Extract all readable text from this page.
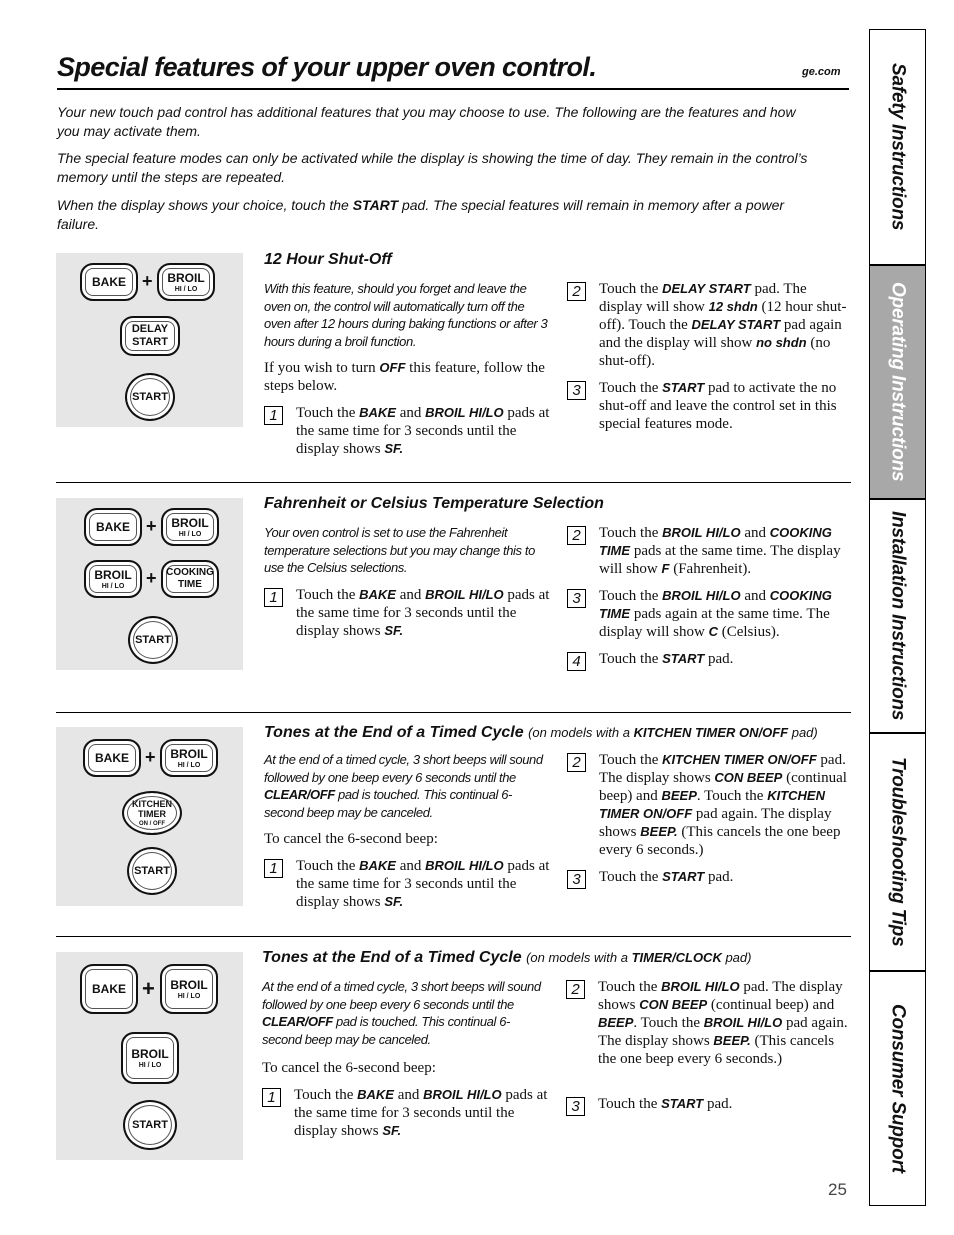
Special features of your upper oven control.	ge.com
Your new touch pad control has additional features that you may choose to use. The following are the features and how you may activate them.
The special feature modes can only be activated while the display is showing the time of day. They remain in the control’s memory until the steps are repeated.
When the display shows your choice, touch the START pad. The special features will remain in memory after a power failure.
BAKE + BROIL
HI / LO
DELAY
START
START
12 Hour Shut-Off
With this feature, should you forget and leave the oven on, the control will automatically turn off the oven after 12 hours during baking functions or after 3 hours during a broil function.
If you wish to turn OFF this feature, follow the steps below.
1	Touch the BAKE and BROIL HI/LO pads at the same time for 3 seconds until the display shows SF.
2	Touch the DELAY START pad. The display will show 12 shdn (12 hour shut-off). Touch the DELAY START pad again and the display will show no shdn (no shut-off).
3	Touch the START pad to activate the no shut-off and leave the control set in this special features mode.
BAKE + BROIL
HI / LO
BROIL
HI / LO + COOKING
TIME
START
Fahrenheit or Celsius Temperature Selection
Your oven control is set to use the Fahrenheit temperature selections but you may change this to use the Celsius selections.
1	Touch the BAKE and BROIL HI/LO pads at the same time for 3 seconds until the display shows SF.
2	Touch the BROIL HI/LO and COOKING TIME pads at the same time. The display will show F (Fahrenheit).
3	Touch the BROIL HI/LO and COOKING TIME pads again at the same time. The display will show C (Celsius).
4	Touch the START pad.
BAKE + BROIL
HI / LO
KITCHEN
TIMER
ON / OFF
START
Tones at the End of a Timed Cycle (on models with a KITCHEN TIMER ON/OFF pad)
At the end of a timed cycle, 3 short beeps will sound followed by one beep every 6 seconds until the CLEAR/OFF pad is touched. This continual 6-second beep may be canceled.
To cancel the 6-second beep:
1	Touch the BAKE and BROIL HI/LO pads at the same time for 3 seconds until the display shows SF.
2	Touch the KITCHEN TIMER ON/OFF pad. The display shows CON BEEP (continual beep) and BEEP. Touch the KITCHEN TIMER ON/OFF pad again. The display shows BEEP. (This cancels the one beep every 6 seconds.)
3	Touch the START pad.
BAKE + BROIL
HI / LO
BROIL
HI / LO
START
Tones at the End of a Timed Cycle (on models with a TIMER/CLOCK pad)
At the end of a timed cycle, 3 short beeps will sound followed by one beep every 6 seconds until the CLEAR/OFF pad is touched. This continual 6-second beep may be canceled.
To cancel the 6-second beep:
1	Touch the BAKE and BROIL HI/LO pads at the same time for 3 seconds until the display shows SF.
2	Touch the BROIL HI/LO pad. The display shows CON BEEP (continual beep) and BEEP. Touch the BROIL HI/LO pad again. The display shows BEEP. (This cancels the one beep every 6 seconds.)
3	Touch the START pad.
25
Safety Instructions
Operating Instructions
Installation Instructions
Troubleshooting Tips
Consumer Support
